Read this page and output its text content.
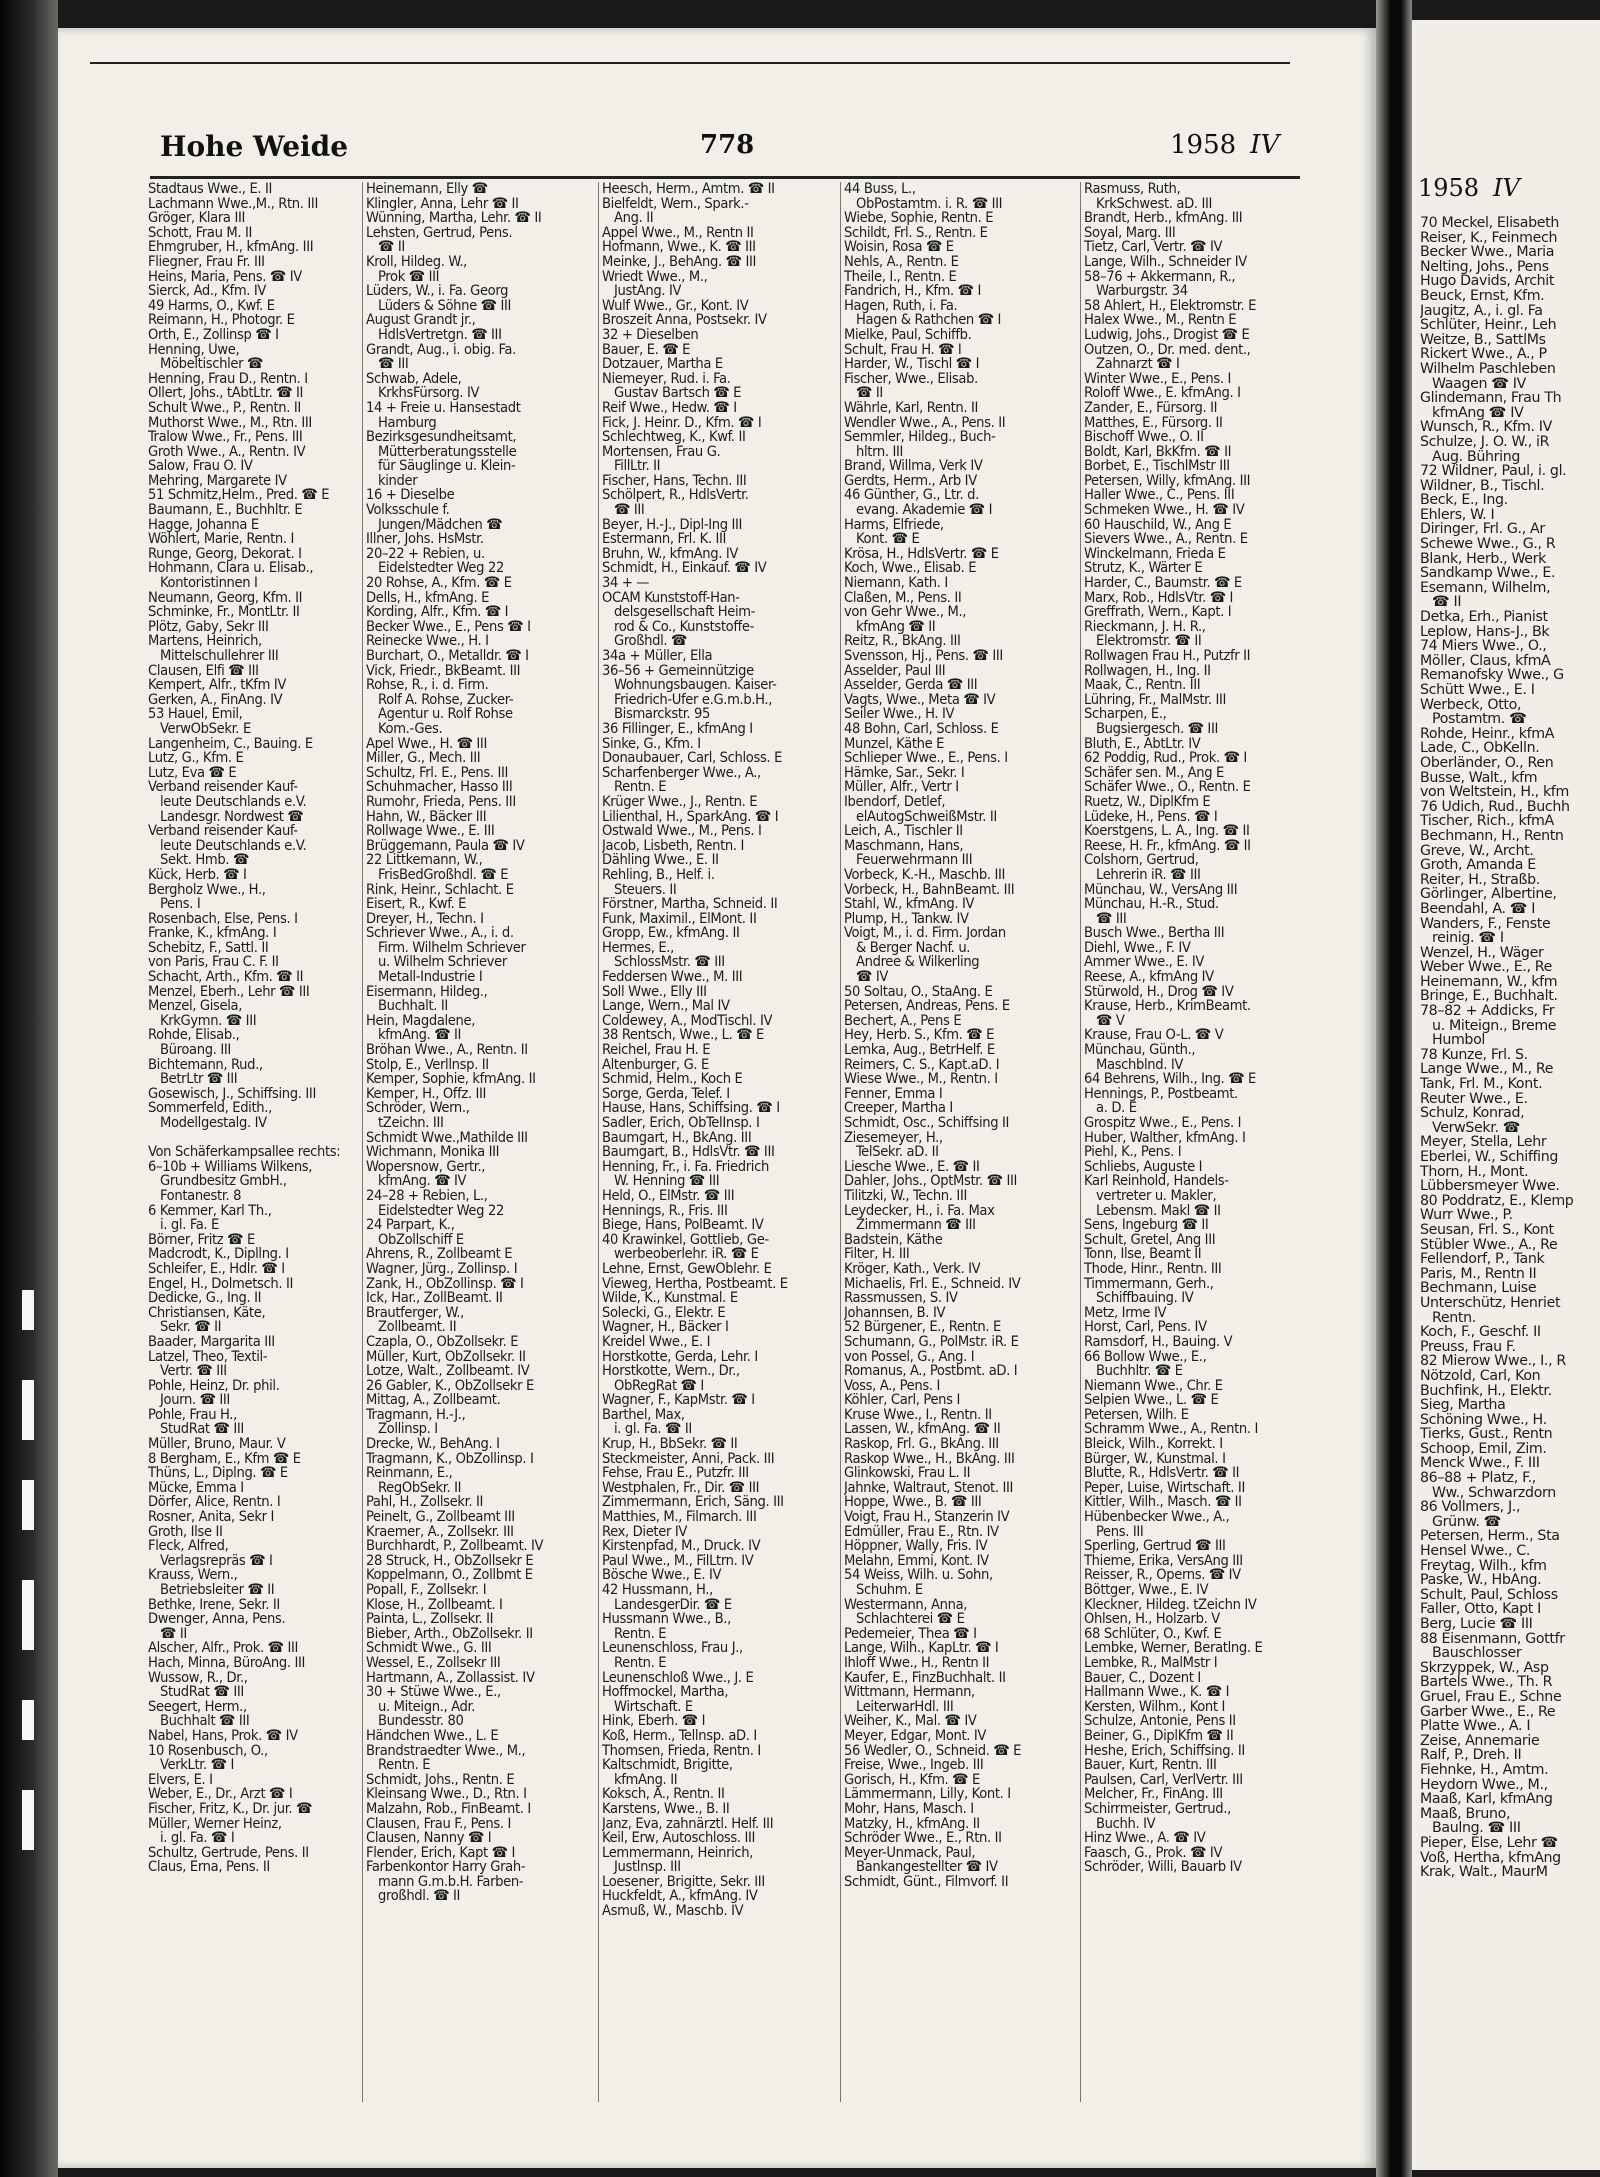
Hohe Weide	778	1958 IV
Stadtaus Wwe., E. II
Lachmann Wwe.,M., Rtn. III
Gröger, Klara III
Schott, Frau M. II
Ehmgruber, H., kfmAng. III
Fliegner, Frau Fr. III
Heins, Maria, Pens. ☎ IV
Sierck, Ad., Kfm. IV
49 Harms, O., Kwf. E
Reimann, H., Photogr. E
Orth, E., Zollinsp ☎ I
Henning, Uwe,
Möbeltischler ☎
Henning, Frau D., Rentn. I
Ollert, Johs., tAbtLtr. ☎ II
Schult Wwe., P., Rentn. II
Muthorst Wwe., M., Rtn. III
Tralow Wwe., Fr., Pens. III
Groth Wwe., A., Rentn. IV
Salow, Frau O. IV
Mehring, Margarete IV
51 Schmitz,Helm., Pred. ☎ E
Baumann, E., Buchhltr. E
Hagge, Johanna E
Wöhlert, Marie, Rentn. I
Runge, Georg, Dekorat. I
Hohmann, Clara u. Elisab.,
Kontoristinnen I
Neumann, Georg, Kfm. II
Schminke, Fr., MontLtr. II
Plötz, Gaby, Sekr III
Martens, Heinrich,
Mittelschullehrer III
Clausen, Elfi ☎ III
Kempert, Alfr., tKfm IV
Gerken, A., FinAng. IV
53 Hauel, Emil,
VerwObSekr. E
Langenheim, C., Bauing. E
Lutz, G., Kfm. E
Lutz, Eva ☎ E
Verband reisender Kauf-
leute Deutschlands e.V.
Landesgr. Nordwest ☎
Verband reisender Kauf-
leute Deutschlands e.V.
Sekt. Hmb. ☎
Kück, Herb. ☎ I
Bergholz Wwe., H.,
Pens. I
Rosenbach, Else, Pens. I
Franke, K., kfmAng. I
Schebitz, F., Sattl. II
von Paris, Frau C. F. II
Schacht, Arth., Kfm. ☎ II
Menzel, Eberh., Lehr ☎ III
Menzel, Gisela,
KrkGymn. ☎ III
Rohde, Elisab.,
Büroang. III
Bichtemann, Rud.,
BetrLtr ☎ III
Gosewisch, J., Schiffsing. III
Sommerfeld, Edith.,
Modellgestalg. IV

Von Schäferkampsallee rechts:
6–10b + Williams Wilkens,
Grundbesitz GmbH.,
Fontanestr. 8
6 Kemmer, Karl Th.,
i. gl. Fa. E
Börner, Fritz ☎ E
Madcrodt, K., Dipllng. I
Schleifer, E., Hdlr. ☎ I
Engel, H., Dolmetsch. II
Dedicke, G., Ing. II
Christiansen, Käte,
Sekr. ☎ II
Baader, Margarita III
Latzel, Theo, Textil-
Vertr. ☎ III
Pohle, Heinz, Dr. phil.
Journ. ☎ III
Pohle, Frau H.,
StudRat ☎ III
Müller, Bruno, Maur. V
8 Bergham, E., Kfm ☎ E
Thüns, L., Diplng. ☎ E
Mücke, Emma I
Dörfer, Alice, Rentn. I
Rosner, Anita, Sekr I
Groth, Ilse II
Fleck, Alfred,
Verlagsrepräs ☎ I
Krauss, Wern.,
Betriebsleiter ☎ II
Bethke, Irene, Sekr. II
Dwenger, Anna, Pens.
☎ II
Alscher, Alfr., Prok. ☎ III
Hach, Minna, BüroAng. III
Wussow, R., Dr.,
StudRat ☎ III
Seegert, Herm.,
Buchhalt ☎ III
Nabel, Hans, Prok. ☎ IV
10 Rosenbusch, O.,
VerkLtr. ☎ I
Elvers, E. I
Weber, E., Dr., Arzt ☎ I
Fischer, Fritz, K., Dr. jur. ☎
Müller, Werner Heinz,
i. gl. Fa. ☎ I
Schultz, Gertrude, Pens. II
Claus, Erna, Pens. II
Heinemann, Elly ☎
Klingler, Anna, Lehr ☎ II
Wünning, Martha, Lehr. ☎ II
Lehsten, Gertrud, Pens.
☎ II
Kroll, Hildeg. W.,
Prok ☎ III
Lüders, W., i. Fa. Georg
Lüders & Söhne ☎ III
August Grandt jr.,
HdlsVertretgn. ☎ III
Grandt, Aug., i. obig. Fa.
☎ III
Schwab, Adele,
KrkhsFürsorg. IV
14 + Freie u. Hansestadt
Hamburg
Bezirksgesundheitsamt,
Mütterberatungsstelle
für Säuglinge u. Klein-
kinder
16 + Dieselbe
Volksschule f.
Jungen/Mädchen ☎
Illner, Johs. HsMstr.
20–22 + Rebien, u.
Eidelstedter Weg 22
20 Rohse, A., Kfm. ☎ E
Dells, H., kfmAng. E
Kording, Alfr., Kfm. ☎ I
Becker Wwe., E., Pens ☎ I
Reinecke Wwe., H. I
Burchart, O., Metalldr. ☎ I
Vick, Friedr., BkBeamt. III
Rohse, R., i. d. Firm.
Rolf A. Rohse, Zucker-
Agentur u. Rolf Rohse
Kom.-Ges.
Apel Wwe., H. ☎ III
Miller, G., Mech. III
Schultz, Frl. E., Pens. III
Schuhmacher, Hasso III
Rumohr, Frieda, Pens. III
Hahn, W., Bäcker III
Rollwage Wwe., E. III
Brüggemann, Paula ☎ IV
22 Littkemann, W.,
FrisBedGroßhdl. ☎ E
Rink, Heinr., Schlacht. E
Eisert, R., Kwf. E
Dreyer, H., Techn. I
Schriever Wwe., A., i. d.
Firm. Wilhelm Schriever
u. Wilhelm Schriever
Metall-Industrie I
Eisermann, Hildeg.,
Buchhalt. II
Hein, Magdalene,
kfmAng. ☎ II
Bröhan Wwe., A., Rentn. II
Stolp, E., Verllnsp. II
Kemper, Sophie, kfmAng. II
Kemper, H., Offz. III
Schröder, Wern.,
tZeichn. III
Schmidt Wwe.,Mathilde III
Wichmann, Monika III
Wopersnow, Gertr.,
kfmAng. ☎ IV
24–28 + Rebien, L.,
Eidelstedter Weg 22
24 Parpart, K.,
ObZollschiff E
Ahrens, R., Zollbeamt E
Wagner, Jürg., Zollinsp. I
Zank, H., ObZollinsp. ☎ I
Ick, Har., ZollBeamt. II
Brautferger, W.,
Zollbeamt. II
Czapla, O., ObZollsekr. E
Müller, Kurt, ObZollsekr. II
Lotze, Walt., Zollbeamt. IV
26 Gabler, K., ObZollsekr E
Mittag, A., Zollbeamt.
Tragmann, H.-J.,
Zollinsp. I
Drecke, W., BehAng. I
Tragmann, K., ObZollinsp. I
Reinmann, E.,
RegObSekr. II
Pahl, H., Zollsekr. II
Peinelt, G., Zollbeamt III
Kraemer, A., Zollsekr. III
Burchhardt, P., Zollbeamt. IV
28 Struck, H., ObZollsekr E
Koppelmann, O., Zollbmt E
Popall, F., Zollsekr. I
Klose, H., Zollbeamt. I
Painta, L., Zollsekr. II
Bieber, Arth., ObZollsekr. II
Schmidt Wwe., G. III
Wessel, E., Zollsekr III
Hartmann, A., Zollassist. IV
30 + Stüwe Wwe., E.,
u. Miteign., Adr.
Bundesstr. 80
Händchen Wwe., L. E
Brandstraedter Wwe., M.,
Rentn. E
Schmidt, Johs., Rentn. E
Kleinsang Wwe., D., Rtn. I
Malzahn, Rob., FinBeamt. I
Clausen, Frau F., Pens. I
Clausen, Nanny ☎ I
Flender, Erich, Kapt ☎ I
Farbenkontor Harry Grah-
mann G.m.b.H. Farben-
großhdl. ☎ II
Heesch, Herm., Amtm. ☎ II
Bielfeldt, Wern., Spark.-
Ang. II
Appel Wwe., M., Rentn II
Hofmann, Wwe., K. ☎ III
Meinke, J., BehAng. ☎ III
Wriedt Wwe., M.,
JustAng. IV
Wulf Wwe., Gr., Kont. IV
Broszeit Anna, Postsekr. IV
32 + Dieselben
Bauer, E. ☎ E
Dotzauer, Martha E
Niemeyer, Rud. i. Fa.
Gustav Bartsch ☎ E
Reif Wwe., Hedw. ☎ I
Fick, J. Heinr. D., Kfm. ☎ I
Schlechtweg, K., Kwf. II
Mortensen, Frau G.
FillLtr. II
Fischer, Hans, Techn. III
Schölpert, R., HdlsVertr.
☎ III
Beyer, H.-J., Dipl-Ing III
Estermann, Frl. K. III
Bruhn, W., kfmAng. IV
Schmidt, H., Einkauf. ☎ IV
34 + —
OCAM Kunststoff-Han-
delsgesellschaft Heim-
rod & Co., Kunststoffe-
Großhdl. ☎
34a + Müller, Ella
36–56 + Gemeinnützige
Wohnungsbaugen. Kaiser-
Friedrich-Ufer e.G.m.b.H.,
Bismarckstr. 95
36 Fillinger, E., kfmAng I
Sinke, G., Kfm. I
Donaubauer, Carl, Schloss. E
Scharfenberger Wwe., A.,
Rentn. E
Krüger Wwe., J., Rentn. E
Lilienthal, H., SparkAng. ☎ I
Ostwald Wwe., M., Pens. I
Jacob, Lisbeth, Rentn. I
Dähling Wwe., E. II
Rehling, B., Helf. i.
Steuers. II
Förstner, Martha, Schneid. II
Funk, Maximil., ElMont. II
Gropp, Ew., kfmAng. II
Hermes, E.,
SchlossMstr. ☎ III
Feddersen Wwe., M. III
Soll Wwe., Elly III
Lange, Wern., Mal IV
Coldewey, A., ModTischl. IV
38 Rentsch, Wwe., L. ☎ E
Reichel, Frau H. E
Altenburger, G. E
Schmid, Helm., Koch E
Sorge, Gerda, Telef. I
Hause, Hans, Schiffsing. ☎ I
Sadler, Erich, ObTelInsp. I
Baumgart, H., BkAng. III
Baumgart, B., HdlsVtr. ☎ III
Henning, Fr., i. Fa. Friedrich
W. Henning ☎ III
Held, O., ElMstr. ☎ III
Hennings, R., Fris. III
Biege, Hans, PolBeamt. IV
40 Krawinkel, Gottlieb, Ge-
werbeoberlehr. iR. ☎ E
Lehne, Ernst, GewOblehr. E
Vieweg, Hertha, Postbeamt. E
Wilde, K., Kunstmal. E
Solecki, G., Elektr. E
Wagner, H., Bäcker I
Kreidel Wwe., E. I
Horstkotte, Gerda, Lehr. I
Horstkotte, Wern., Dr.,
ObRegRat ☎ I
Wagner, F., KapMstr. ☎ I
Barthel, Max,
i. gl. Fa. ☎ II
Krup, H., BbSekr. ☎ II
Steckmeister, Anni, Pack. III
Fehse, Frau E., Putzfr. III
Westphalen, Fr., Dir. ☎ III
Zimmermann, Erich, Säng. III
Matthies, M., Filmarch. III
Rex, Dieter IV
Kirstenpfad, M., Druck. IV
Paul Wwe., M., FilLtrn. IV
Bösche Wwe., E. IV
42 Hussmann, H.,
LandesgerDir. ☎ E
Hussmann Wwe., B.,
Rentn. E
Leunenschloss, Frau J.,
Rentn. E
Leunenschloß Wwe., J. E
Hoffmockel, Martha,
Wirtschaft. E
Hink, Eberh. ☎ I
Koß, Herm., Tellnsp. aD. I
Thomsen, Frieda, Rentn. I
Kaltschmidt, Brigitte,
kfmAng. II
Koksch, A., Rentn. II
Karstens, Wwe., B. II
Janz, Eva, zahnärztl. Helf. III
Keil, Erw, Autoschloss. III
Lemmermann, Heinrich,
Justlnsp. III
Loesener, Brigitte, Sekr. III
Huckfeldt, A., kfmAng. IV
Asmuß, W., Maschb. IV
44 Buss, L.,
ObPostamtm. i. R. ☎ III
Wiebe, Sophie, Rentn. E
Schildt, Frl. S., Rentn. E
Woisin, Rosa ☎ E
Nehls, A., Rentn. E
Theile, I., Rentn. E
Fandrich, H., Kfm. ☎ I
Hagen, Ruth, i. Fa.
Hagen & Rathchen ☎ I
Mielke, Paul, Schiffb.
Schult, Frau H. ☎ I
Harder, W., Tischl ☎ I
Fischer, Wwe., Elisab.
☎ II
Währle, Karl, Rentn. II
Wendler Wwe., A., Pens. II
Semmler, Hildeg., Buch-
hltrn. III
Brand, Willma, Verk IV
Gerdts, Herm., Arb IV
46 Günther, G., Ltr. d.
evang. Akademie ☎ I
Harms, Elfriede,
Kont. ☎ E
Krösa, H., HdlsVertr. ☎ E
Koch, Wwe., Elisab. E
Niemann, Kath. I
Claßen, M., Pens. II
von Gehr Wwe., M.,
kfmAng ☎ II
Reitz, R., BkAng. III
Svensson, Hj., Pens. ☎ III
Asselder, Paul III
Asselder, Gerda ☎ III
Vagts, Wwe., Meta ☎ IV
Seiler Wwe., H. IV
48 Bohn, Carl, Schloss. E
Munzel, Käthe E
Schlieper Wwe., E., Pens. I
Hämke, Sar., Sekr. I
Müller, Alfr., Vertr I
Ibendorf, Detlef,
elAutogSchweißMstr. II
Leich, A., Tischler II
Maschmann, Hans,
Feuerwehrmann III
Vorbeck, K.-H., Maschb. III
Vorbeck, H., BahnBeamt. III
Stahl, W., kfmAng. IV
Plump, H., Tankw. IV
Voigt, M., i. d. Firm. Jordan
& Berger Nachf. u.
Andree & Wilkerling
☎ IV
50 Soltau, O., StaAng. E
Petersen, Andreas, Pens. E
Bechert, A., Pens E
Hey, Herb. S., Kfm. ☎ E
Lemka, Aug., BetrHelf. E
Reimers, C. S., Kapt.aD. I
Wiese Wwe., M., Rentn. I
Fenner, Emma I
Creeper, Martha I
Schmidt, Osc., Schiffsing II
Ziesemeyer, H.,
TelSekr. aD. II
Liesche Wwe., E. ☎ II
Dahler, Johs., OptMstr. ☎ III
Tilitzki, W., Techn. III
Leydecker, H., i. Fa. Max
Zimmermann ☎ III
Badstein, Käthe
Filter, H. III
Kröger, Kath., Verk. IV
Michaelis, Frl. E., Schneid. IV
Rassmussen, S. IV
Johannsen, B. IV
52 Bürgener, E., Rentn. E
Schumann, G., PolMstr. iR. E
von Possel, G., Ang. I
Romanus, A., Postbmt. aD. I
Voss, A., Pens. I
Köhler, Carl, Pens I
Kruse Wwe., I., Rentn. II
Lassen, W., kfmAng. ☎ II
Raskop, Frl. G., BkAng. III
Raskop Wwe., H., BkAng. III
Glinkowski, Frau L. II
Jahnke, Waltraut, Stenot. III
Hoppe, Wwe., B. ☎ III
Voigt, Frau H., Stanzerin IV
Edmüller, Frau E., Rtn. IV
Höppner, Wally, Fris. IV
Melahn, Emmi, Kont. IV
54 Weiss, Wilh. u. Sohn,
Schuhm. E
Westermann, Anna,
Schlachterei ☎ E
Pedemeier, Thea ☎ I
Lange, Wilh., KapLtr. ☎ I
Ihloff Wwe., H., Rentn II
Kaufer, E., FinzBuchhalt. II
Wittmann, Hermann,
LeiterwarHdl. III
Weiher, K., Mal. ☎ IV
Meyer, Edgar, Mont. IV
56 Wedler, O., Schneid. ☎ E
Freise, Wwe., Ingeb. III
Gorisch, H., Kfm. ☎ E
Lämmermann, Lilly, Kont. I
Mohr, Hans, Masch. I
Matzky, H., kfmAng. II
Schröder Wwe., E., Rtn. II
Meyer-Unmack, Paul,
Bankangestellter ☎ IV
Schmidt, Günt., Filmvorf. II
Rasmuss, Ruth,
KrkSchwest. aD. III
Brandt, Herb., kfmAng. III
Soyal, Marg. III
Tietz, Carl, Vertr. ☎ IV
Lange, Wilh., Schneider IV
58–76 + Akkermann, R.,
Warburgstr. 34
58 Ahlert, H., Elektromstr. E
Halex Wwe., M., Rentn E
Ludwig, Johs., Drogist ☎ E
Outzen, O., Dr. med. dent.,
Zahnarzt ☎ I
Winter Wwe., E., Pens. I
Roloff Wwe., E. kfmAng. I
Zander, E., Fürsorg. II
Matthes, E., Fürsorg. II
Bischoff Wwe., O. II
Boldt, Karl, BkKfm. ☎ II
Borbet, E., TischlMstr III
Petersen, Willy, kfmAng. III
Haller Wwe., C., Pens. III
Schmeken Wwe., H. ☎ IV
60 Hauschild, W., Ang E
Sievers Wwe., A., Rentn. E
Winckelmann, Frieda E
Strutz, K., Wärter E
Harder, C., Baumstr. ☎ E
Marx, Rob., HdlsVtr. ☎ I
Greffrath, Wern., Kapt. I
Rieckmann, J. H. R.,
Elektromstr. ☎ II
Rollwagen Frau H., Putzfr II
Rollwagen, H., Ing. II
Maak, C., Rentn. III
Lühring, Fr., MalMstr. III
Scharpen, E.,
Bugsiergesch. ☎ III
Bluth, E., AbtLtr. IV
62 Poddig, Rud., Prok. ☎ I
Schäfer sen. M., Ang E
Schäfer Wwe., O., Rentn. E
Ruetz, W., DiplKfm E
Lüdeke, H., Pens. ☎ I
Koerstgens, L. A., Ing. ☎ II
Reese, H. Fr., kfmAng. ☎ II
Colshorn, Gertrud,
Lehrerin iR. ☎ III
Münchau, W., VersAng III
Münchau, H.-R., Stud.
☎ III
Busch Wwe., Bertha III
Diehl, Wwe., F. IV
Ammer Wwe., E. IV
Reese, A., kfmAng IV
Stürwold, H., Drog ☎ IV
Krause, Herb., KrimBeamt.
☎ V
Krause, Frau O-L. ☎ V
Münchau, Günth.,
Maschblnd. IV
64 Behrens, Wilh., Ing. ☎ E
Hennings, P., Postbeamt.
a. D. E
Grospitz Wwe., E., Pens. I
Huber, Walther, kfmAng. I
Piehl, K., Pens. I
Schliebs, Auguste I
Karl Reinhold, Handels-
vertreter u. Makler,
Lebensm. Makl ☎ II
Sens, Ingeburg ☎ II
Schult, Gretel, Ang III
Tonn, Ilse, Beamt II
Thode, Hinr., Rentn. III
Timmermann, Gerh.,
Schiffbauing. IV
Metz, Irme IV
Horst, Carl, Pens. IV
Ramsdorf, H., Bauing. V
66 Bollow Wwe., E.,
Buchhltr. ☎ E
Niemann Wwe., Chr. E
Selpien Wwe., L. ☎ E
Petersen, Wilh. E
Schramm Wwe., A., Rentn. I
Bleick, Wilh., Korrekt. I
Bürger, W., Kunstmal. I
Blutte, R., HdlsVertr. ☎ II
Peper, Luise, Wirtschaft. II
Kittler, Wilh., Masch. ☎ II
Hübenbecker Wwe., A.,
Pens. III
Sperling, Gertrud ☎ III
Thieme, Erika, VersAng III
Reisser, R., Operns. ☎ IV
Böttger, Wwe., E. IV
Kleckner, Hildeg. tZeichn IV
Ohlsen, H., Holzarb. V
68 Schlüter, O., Kwf. E
Lembke, Werner, Beratlng. E
Lembke, R., MalMstr I
Bauer, C., Dozent I
Hallmann Wwe., K. ☎ I
Kersten, Wilhm., Kont I
Schulze, Antonie, Pens II
Beiner, G., DiplKfm ☎ II
Heshe, Erich, Schiffsing. II
Bauer, Kurt, Rentn. III
Paulsen, Carl, VerlVertr. III
Melcher, Fr., FinAng. III
Schirrmeister, Gertrud.,
Buchh. IV
Hinz Wwe., A. ☎ IV
Faasch, G., Prok. ☎ IV
Schröder, Willi, Bauarb IV
1958 IV
70 Meckel, Elisabeth
Reiser, K., Feinmech
Becker Wwe., Maria
Nelting, Johs., Pens
Hugo Davids, Archit
Beuck, Ernst, Kfm.
Jaugitz, A., i. gl. Fa
Schlüter, Heinr., Leh
Weitze, B., SattlMs
Rickert Wwe., A., P
Wilhelm Paschleben
Waagen ☎ IV
Glindemann, Frau Th
kfmAng ☎ IV
Wunsch, R., Kfm. IV
Schulze, J. O. W., iR
Aug. Bühring
72 Wildner, Paul, i. gl.
Wildner, B., Tischl.
Beck, E., Ing.
Ehlers, W. I
Diringer, Frl. G., Ar
Schewe Wwe., G., R
Blank, Herb., Werk
Sandkamp Wwe., E.
Esemann, Wilhelm,
☎ II
Detka, Erh., Pianist
Leplow, Hans-J., Bk
74 Miers Wwe., O.,
Möller, Claus, kfmA
Remanofsky Wwe., G
Schütt Wwe., E. I
Werbeck, Otto,
Postamtm. ☎
Rohde, Heinr., kfmA
Lade, C., ObKelln.
Oberländer, O., Ren
Busse, Walt., kfm
von Weltstein, H., kfm
76 Udich, Rud., Buchh
Tischer, Rich., kfmA
Bechmann, H., Rentn
Greve, W., Archt.
Groth, Amanda E
Reiter, H., Straßb.
Görlinger, Albertine,
Beendahl, A. ☎ I
Wanders, F., Fenste
reinig. ☎ I
Wenzel, H., Wäger
Weber Wwe., E., Re
Heinemann, W., kfm
Bringe, E., Buchhalt.
78–82 + Addicks, Fr
u. Miteign., Breme
Humbol
78 Kunze, Frl. S.
Lange Wwe., M., Re
Tank, Frl. M., Kont.
Reuter Wwe., E.
Schulz, Konrad,
VerwSekr. ☎
Meyer, Stella, Lehr
Eberlei, W., Schiffing
Thorn, H., Mont.
Lübbersmeyer Wwe.
80 Poddratz, E., Klemp
Wurr Wwe., P.
Seusan, Frl. S., Kont
Stübler Wwe., A., Re
Fellendorf, P., Tank
Paris, M., Rentn II
Bechmann, Luise
Unterschütz, Henriet
Rentn.
Koch, F., Geschf. II
Preuss, Frau F.
82 Mierow Wwe., I., R
Nötzold, Carl, Kon
Buchfink, H., Elektr.
Sieg, Martha
Schöning Wwe., H.
Tierks, Gust., Rentn
Schoop, Emil, Zim.
Menck Wwe., F. III
86–88 + Platz, F.,
Ww., Schwarzdorn
86 Vollmers, J.,
Grünw. ☎
Petersen, Herm., Sta
Hensel Wwe., C.
Freytag, Wilh., kfm
Paske, W., HbAng.
Schult, Paul, Schloss
Faller, Otto, Kapt I
Berg, Lucie ☎ III
88 Eisenmann, Gottfr
Bauschlosser
Skrzyppek, W., Asp
Bartels Wwe., Th. R
Gruel, Frau E., Schne
Garber Wwe., E., Re
Platte Wwe., A. I
Zeise, Annemarie
Ralf, P., Dreh. II
Fiehnke, H., Amtm.
Heydorn Wwe., M.,
Maaß, Karl, kfmAng
Maaß, Bruno,
Baulng. ☎ III
Pieper, Else, Lehr ☎
Voß, Hertha, kfmAng
Krak, Walt., MaurM
